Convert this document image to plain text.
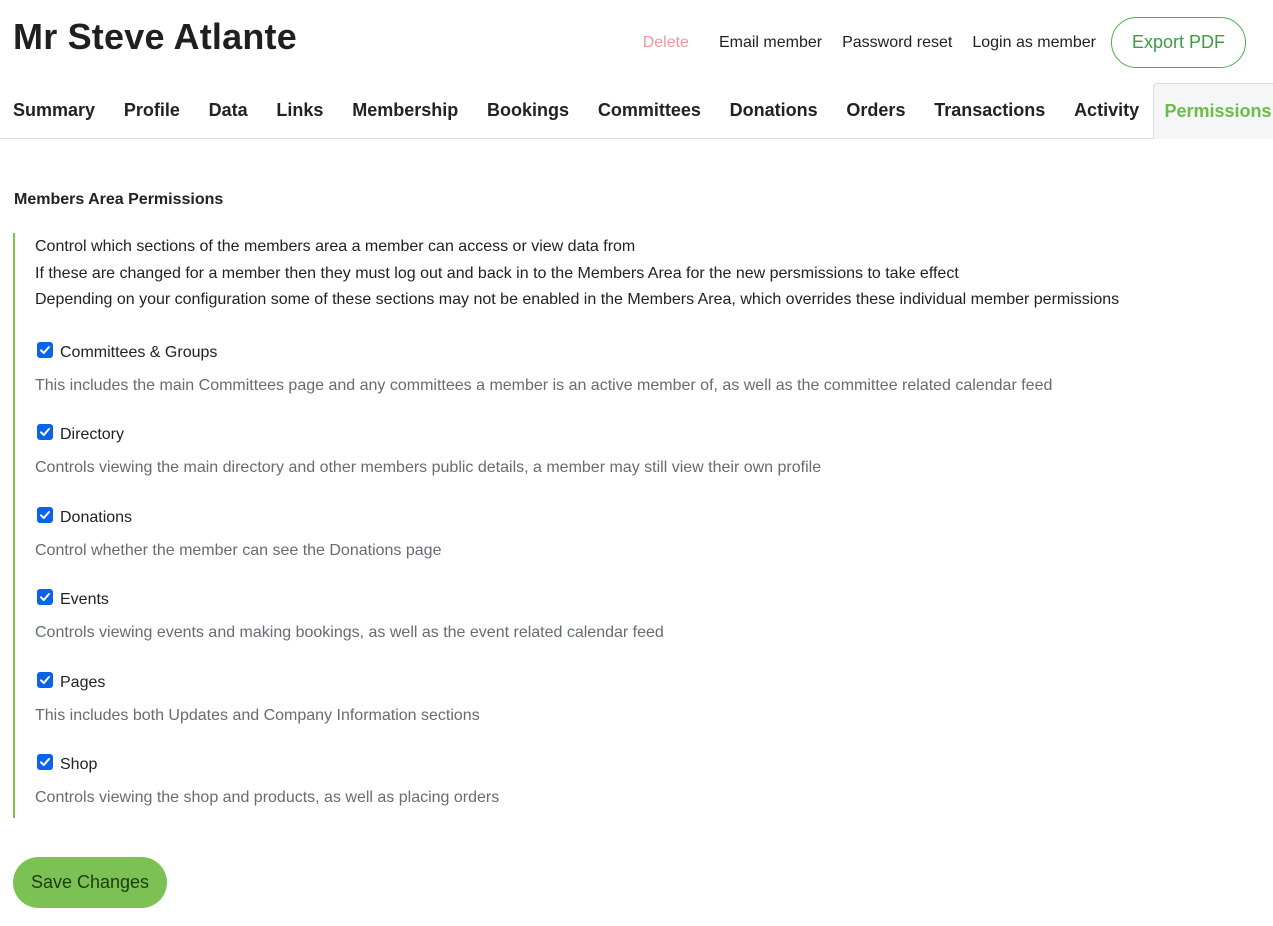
Mr Steve Atlante	Delete Email member Password reset Login as member	Export PDF
Summary	Profile	Data	Links	Membership	Bookings	Committees	Donations	Orders	Transactions	Activity	Permissions
Members Area Permissions
Control which sections of the members area a member can access or view data from
If these are changed for a member then they must log out and back in to the Members Area for the new persmissions to take effect
Depending on your configuration some of these sections may not be enabled in the Members Area, which overrides these individual member permissions
Committees & Groups
This includes the main Committees page and any committees a member is an active member of, as well as the committee related calendar feed
Directory
Controls viewing the main directory and other members public details, a member may still view their own profile
Donations
Control whether the member can see the Donations page
Events
Controls viewing events and making bookings, as well as the event related calendar feed
Pages
This includes both Updates and Company Information sections
Shop
Controls viewing the shop and products, as well as placing orders
Save Changes
